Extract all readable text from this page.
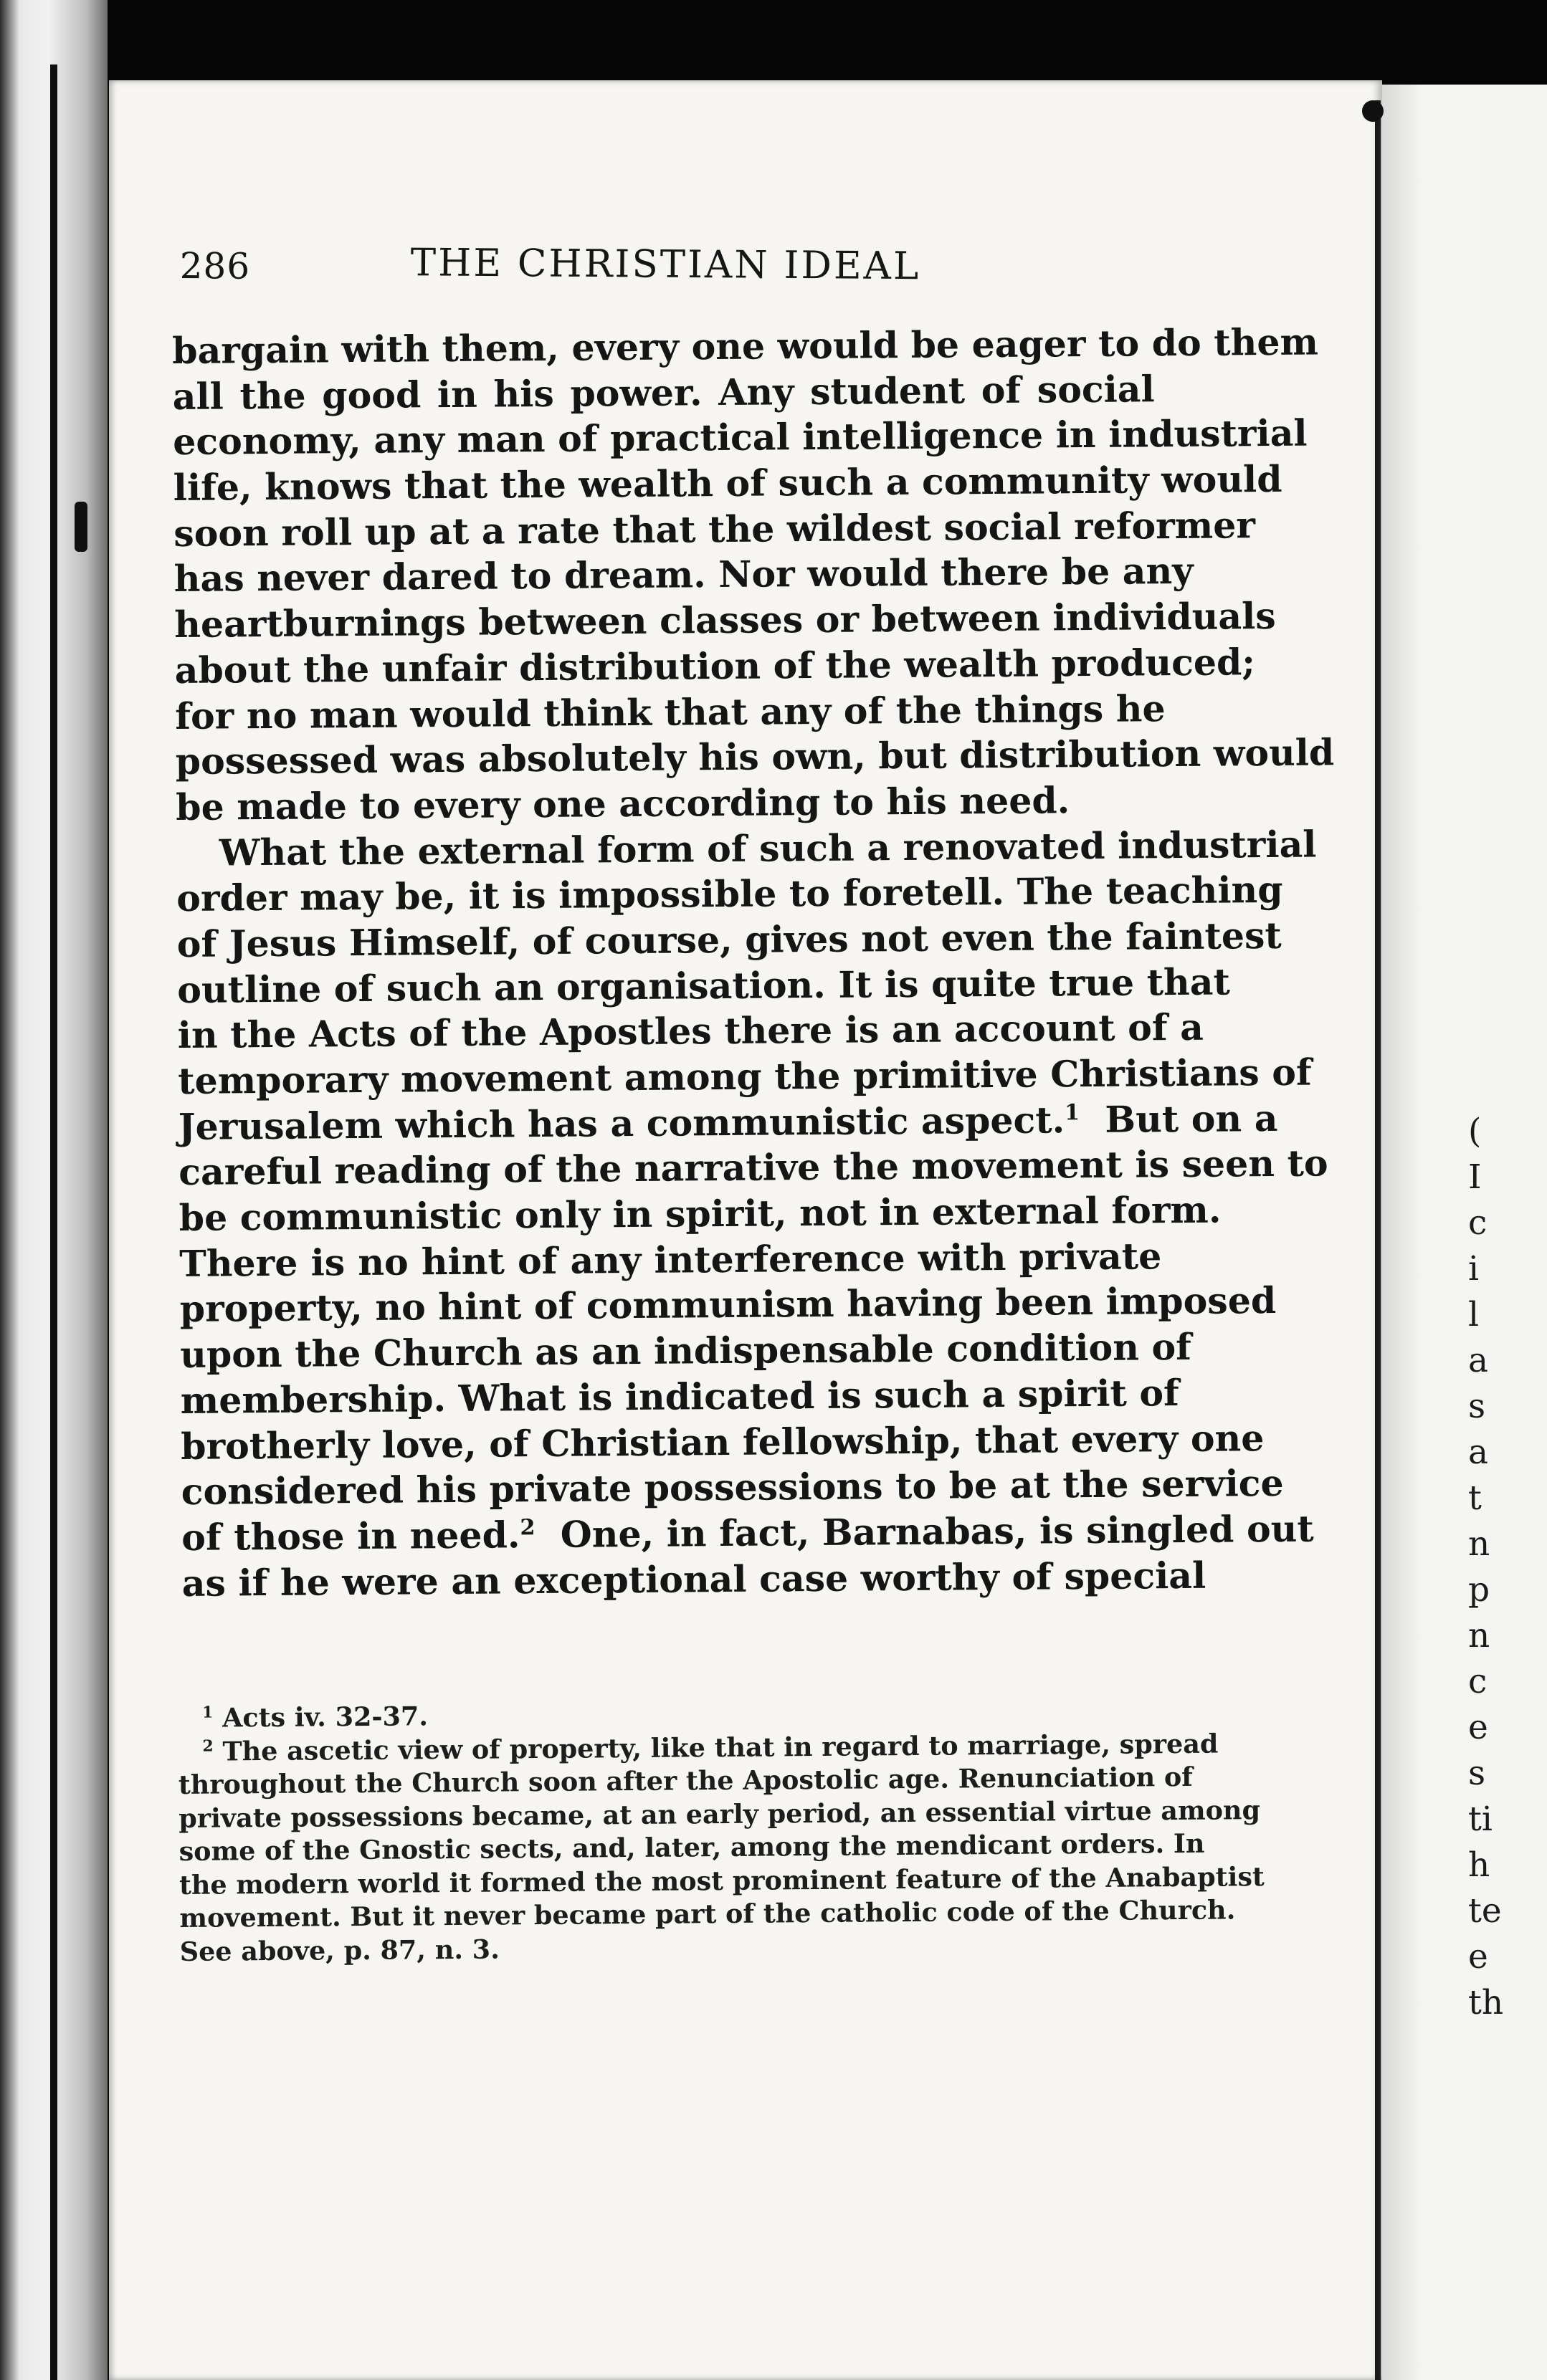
286	THE CHRISTIAN IDEAL
bargain with them, every one would be eager to do them
all the good in his power. Any student of social
economy, any man of practical intelligence in industrial
life, knows that the wealth of such a community would
soon roll up at a rate that the wildest social reformer
has never dared to dream. Nor would there be any
heartburnings between classes or between individuals
about the unfair distribution of the wealth produced;
for no man would think that any of the things he
possessed was absolutely his own, but distribution would
be made to every one according to his need.
What the external form of such a renovated industrial
order may be, it is impossible to foretell. The teaching
of Jesus Himself, of course, gives not even the faintest
outline of such an organisation. It is quite true that
in the Acts of the Apostles there is an account of a
temporary movement among the primitive Christians of
Jerusalem which has a communistic aspect.$^1$ But on a
careful reading of the narrative the movement is seen to
be communistic only in spirit, not in external form.
There is no hint of any interference with private
property, no hint of communism having been imposed
upon the Church as an indispensable condition of
membership. What is indicated is such a spirit of
brotherly love, of Christian fellowship, that every one
considered his private possessions to be at the service
of those in need.$^2$ One, in fact, Barnabas, is singled out
as if he were an exceptional case worthy of special
$^1$ Acts iv. 32-37.
$^2$ The ascetic view of property, like that in regard to marriage, spread
throughout the Church soon after the Apostolic age. Renunciation of
private possessions became, at an early period, an essential virtue among
some of the Gnostic sects, and, later, among the mendicant orders. In
the modern world it formed the most prominent feature of the Anabaptist
movement. But it never became part of the catholic code of the Church.
See above, p. 87, n. 3.
(
I
c
i
l
a
s
a
t
n
p
n
c
e
s
ti
h
te
e
th
